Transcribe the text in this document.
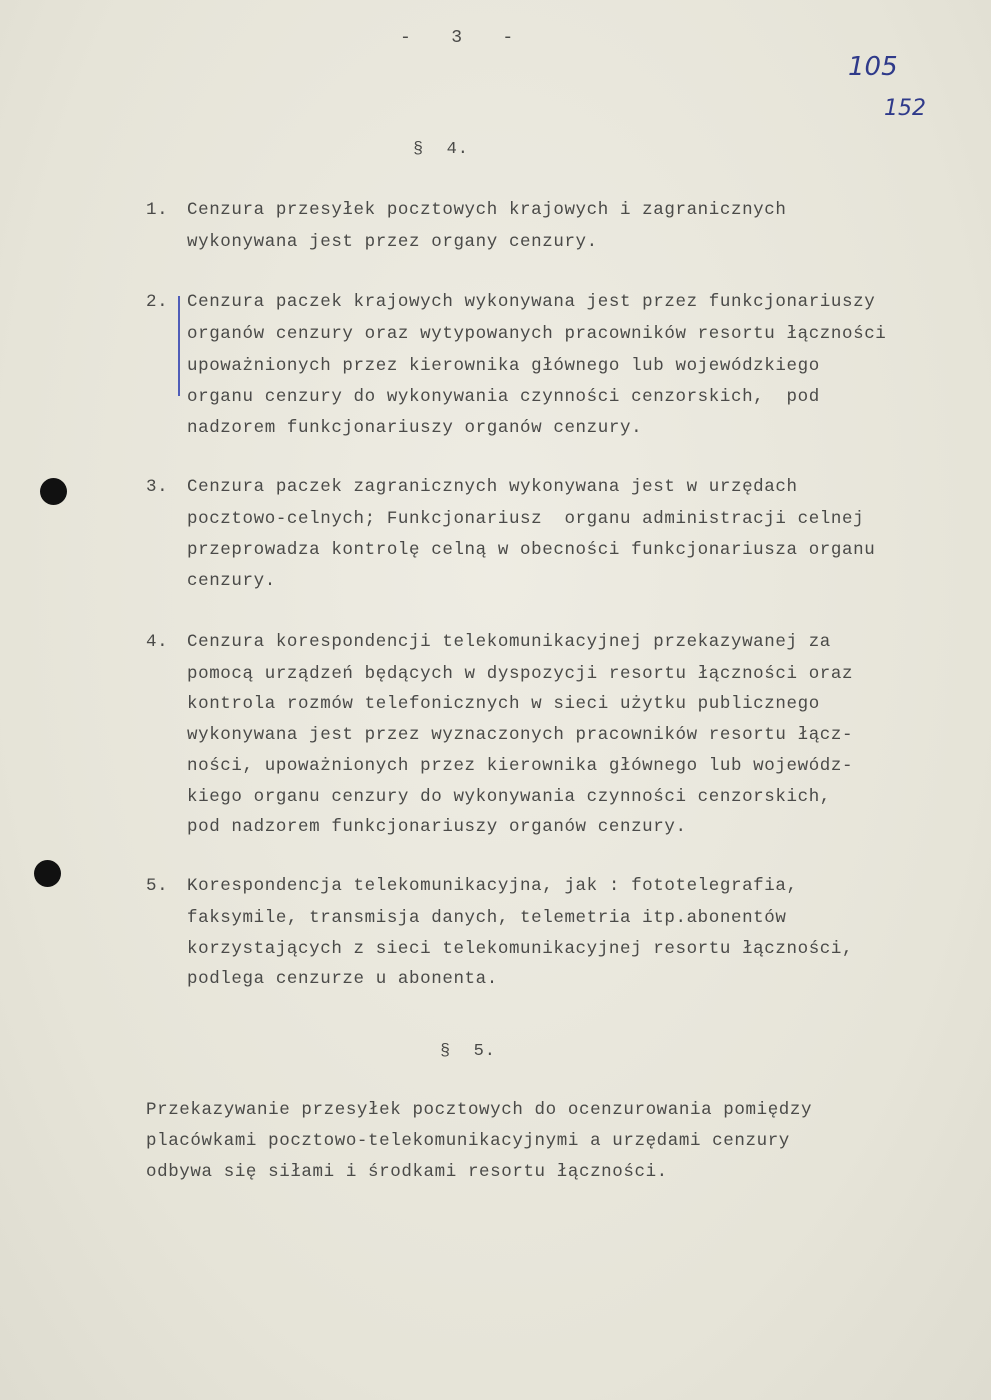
-   3   -
105
152
§  4.
1. Cenzura przesyłek pocztowych krajowych i zagranicznych
wykonywana jest przez organy cenzury.
2. Cenzura paczek krajowych wykonywana jest przez funkcjonariuszy
organów cenzury oraz wytypowanych pracowników resortu łączności
upoważnionych przez kierownika głównego lub wojewódzkiego
organu cenzury do wykonywania czynności cenzorskich,  pod
nadzorem funkcjonariuszy organów cenzury.
3. Cenzura paczek zagranicznych wykonywana jest w urzędach
pocztowo-celnych; Funkcjonariusz  organu administracji celnej
przeprowadza kontrolę celną w obecności funkcjonariusza organu
cenzury.
4. Cenzura korespondencji telekomunikacyjnej przekazywanej za
pomocą urządzeń będących w dyspozycji resortu łączności oraz
kontrola rozmów telefonicznych w sieci użytku publicznego
wykonywana jest przez wyznaczonych pracowników resortu łącz-
ności, upoważnionych przez kierownika głównego lub wojewódz-
kiego organu cenzury do wykonywania czynności cenzorskich,
pod nadzorem funkcjonariuszy organów cenzury.
5. Korespondencja telekomunikacyjna, jak : fototelegrafia,
faksymile, transmisja danych, telemetria itp.abonentów
korzystających z sieci telekomunikacyjnej resortu łączności,
podlega cenzurze u abonenta.
§  5.
Przekazywanie przesyłek pocztowych do ocenzurowania pomiędzy
placówkami pocztowo-telekomunikacyjnymi a urzędami cenzury
odbywa się siłami i środkami resortu łączności.
